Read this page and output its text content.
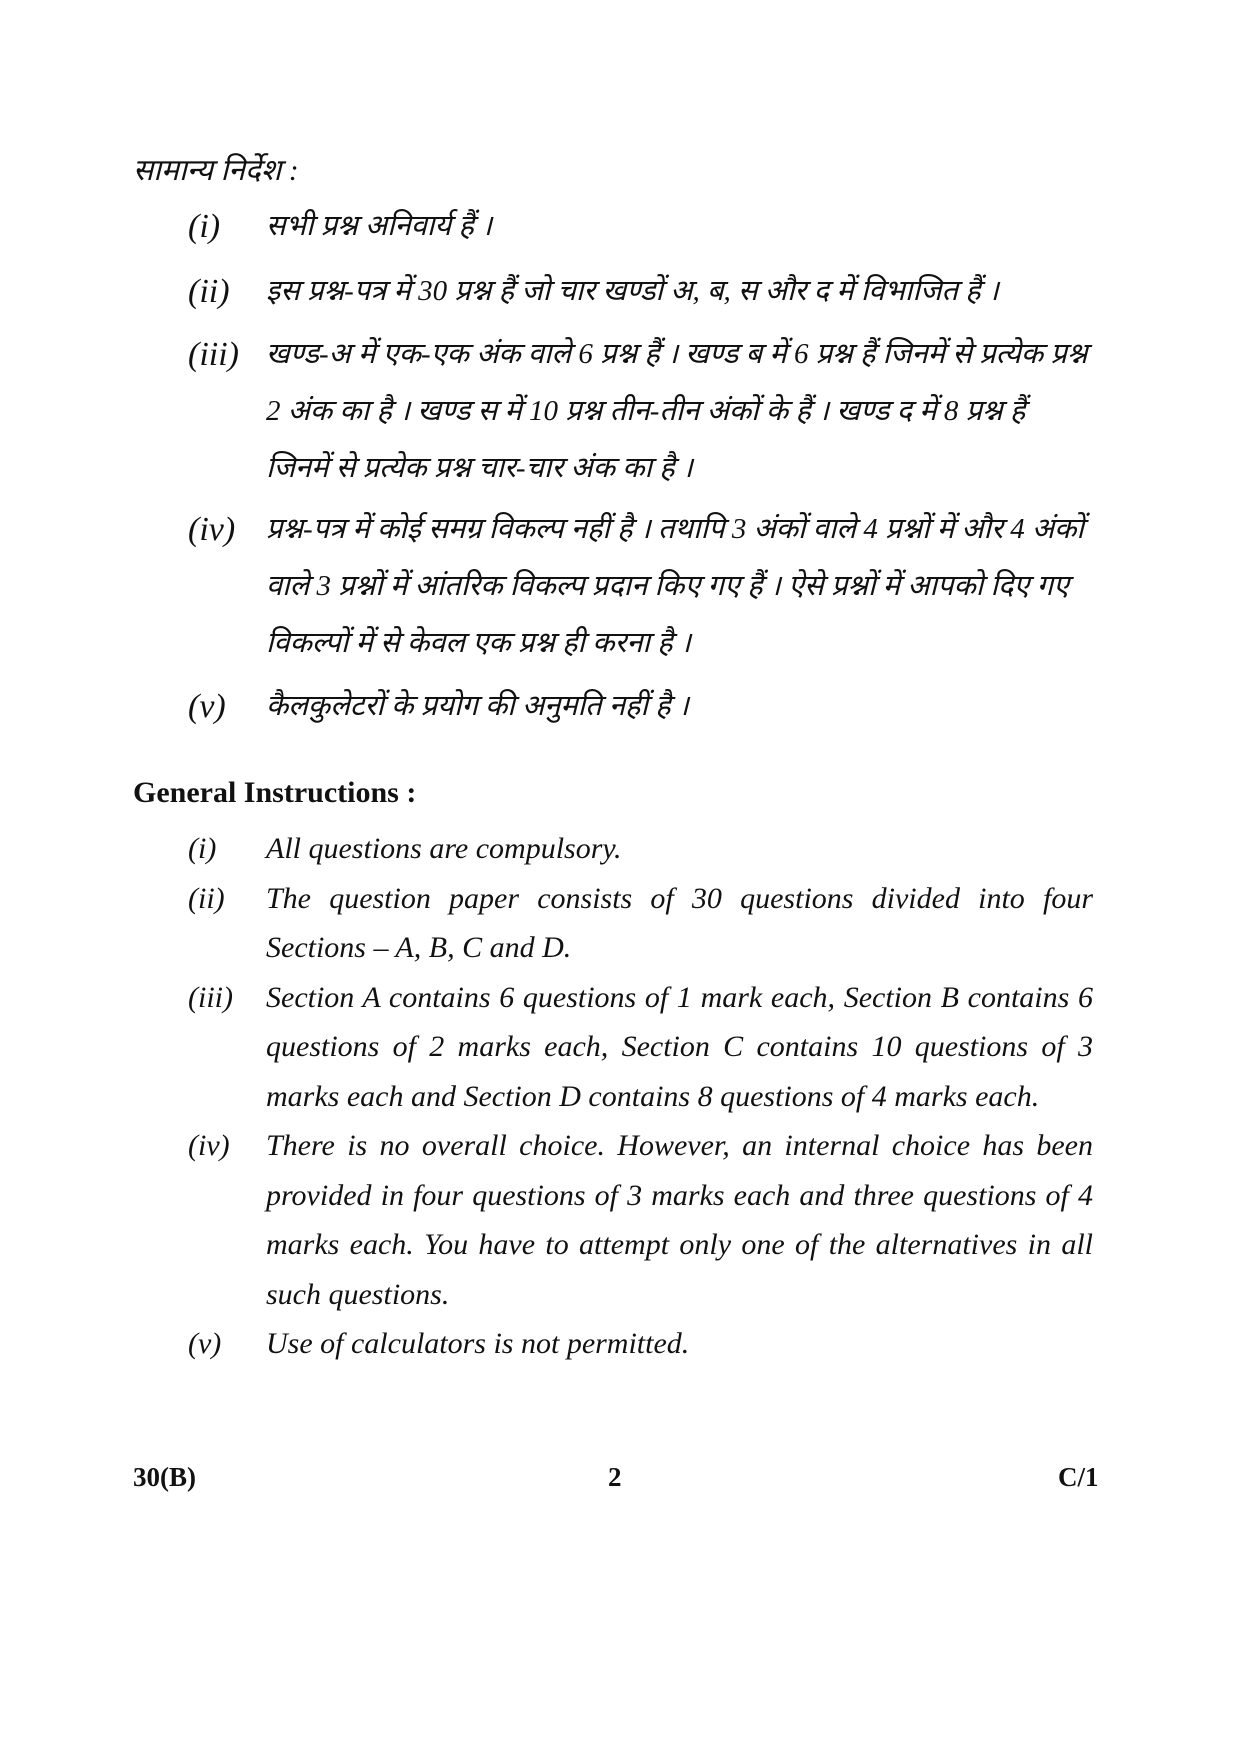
सामान्य निर्देश :
(i) सभी प्रश्न अनिवार्य हैं ।
(ii) इस प्रश्न-पत्र में 30 प्रश्न हैं जो चार खण्डों अ, ब, स और द में विभाजित हैं ।
(iii) खण्ड-अ में एक-एक अंक वाले 6 प्रश्न हैं । खण्ड ब में 6 प्रश्न हैं जिनमें से प्रत्येक प्रश्न 2 अंक का है । खण्ड स में 10 प्रश्न तीन-तीन अंकों के हैं । खण्ड द में 8 प्रश्न हैं जिनमें से प्रत्येक प्रश्न चार-चार अंक का है ।
(iv) प्रश्न-पत्र में कोई समग्र विकल्प नहीं है । तथापि 3 अंकों वाले 4 प्रश्नों में और 4 अंकों वाले 3 प्रश्नों में आंतरिक विकल्प प्रदान किए गए हैं । ऐसे प्रश्नों में आपको दिए गए विकल्पों में से केवल एक प्रश्न ही करना है ।
(v) कैलकुलेटरों के प्रयोग की अनुमति नहीं है ।
General Instructions :
(i) All questions are compulsory.
(ii) The question paper consists of 30 questions divided into four Sections – A, B, C and D.
(iii) Section A contains 6 questions of 1 mark each, Section B contains 6 questions of 2 marks each, Section C contains 10 questions of 3 marks each and Section D contains 8 questions of 4 marks each.
(iv) There is no overall choice. However, an internal choice has been provided in four questions of 3 marks each and three questions of 4 marks each. You have to attempt only one of the alternatives in all such questions.
(v) Use of calculators is not permitted.
30(B)	2	C/1
